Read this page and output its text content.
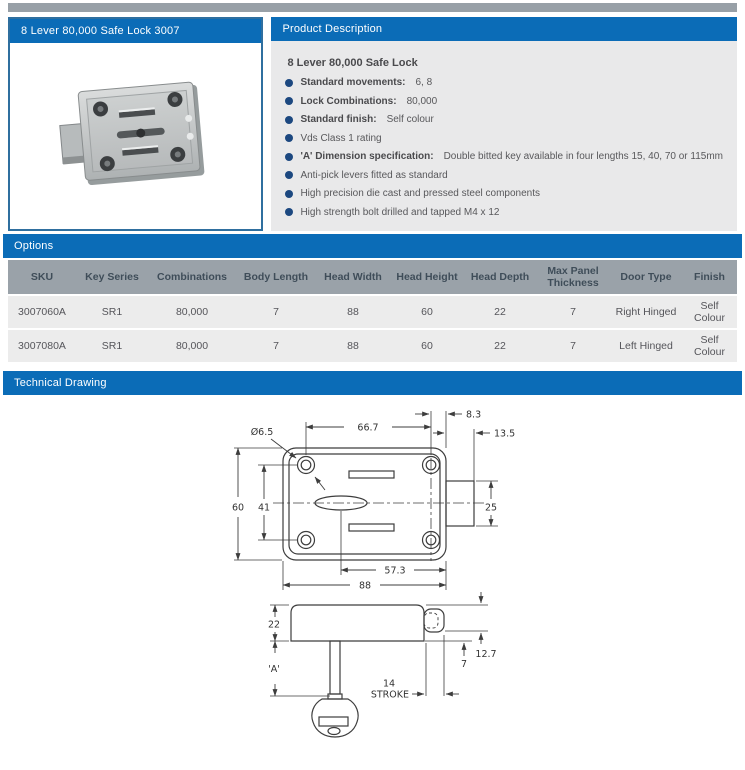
8 Lever 80,000 Safe Lock 3007	Product Description

8 Lever 80,000 Safe Lock

Standard movements: 6, 8
Lock Combinations: 80,000
Standard finish: Self colour
Vds Class 1 rating
'A' Dimension specification: Double bitted key available in four lengths 15, 40, 70 or 115mm
Anti-pick levers fitted as standard
High precision die cast and pressed steel components
High strength bolt drilled and tapped M4 x 12
Options
SKU	Key Series	Combinations	Body Length	Head Width	Head Height	Head Depth	Max Panel Thickness	Door Type	Finish
3007060A	SR1	80,000	7	88	60	22	7	Right Hinged	Self Colour
3007080A	SR1	80,000	7	88	60	22	7	Left Hinged	Self Colour
Technical Drawing
Ø6.5	66.7
8.3
13.5
60 41	25
57.3
88
22
'A'
12.7
7
14
STROKE
